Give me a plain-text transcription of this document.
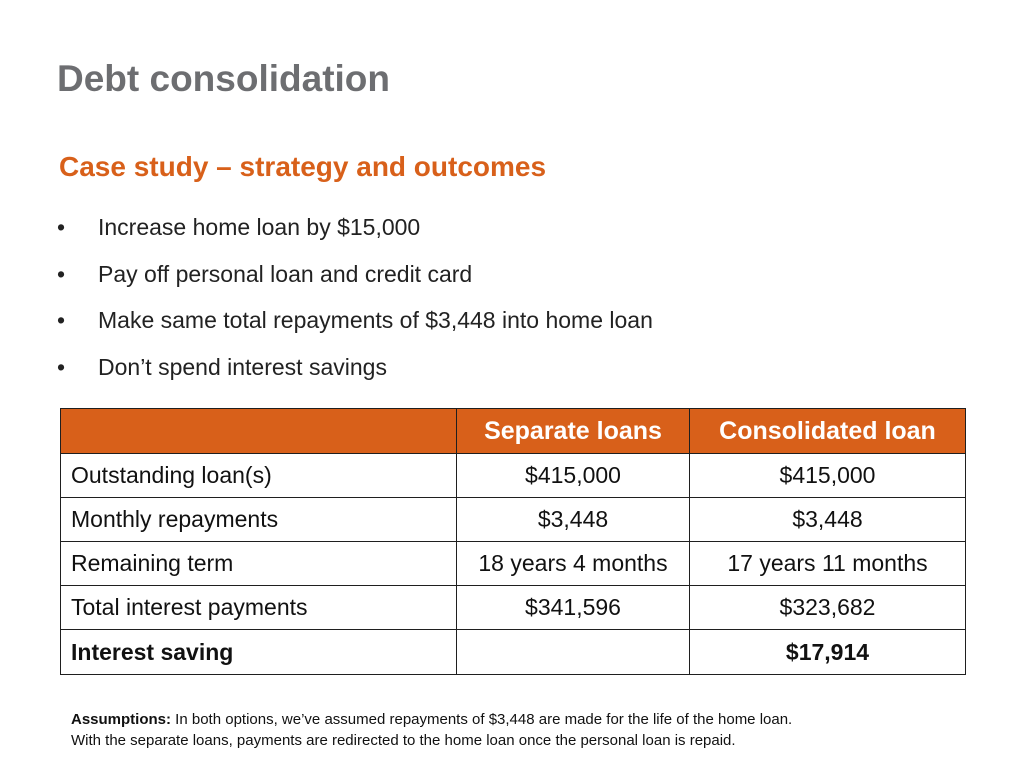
Debt consolidation
Case study – strategy and outcomes
• Increase home loan by $15,000
• Pay off personal loan and credit card
• Make same total repayments of $3,448 into home loan
• Don’t spend interest savings
	Separate loans	Consolidated loan
Outstanding loan(s)	$415,000	$415,000
Monthly repayments	$3,448	$3,448
Remaining term	18 years 4 months	17 years 11 months
Total interest payments	$341,596	$323,682
Interest saving		$17,914
Assumptions: In both options, we’ve assumed repayments of $3,448 are made for the life of the home loan.
With the separate loans, payments are redirected to the home loan once the personal loan is repaid.
